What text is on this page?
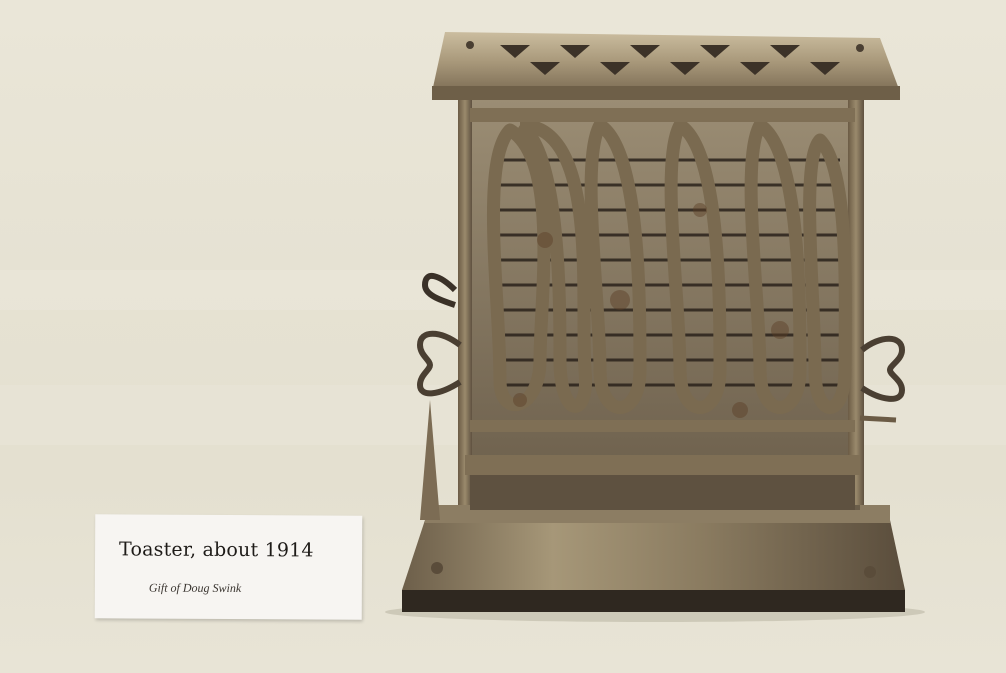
Toaster, about 1914
Gift of Doug Swink
